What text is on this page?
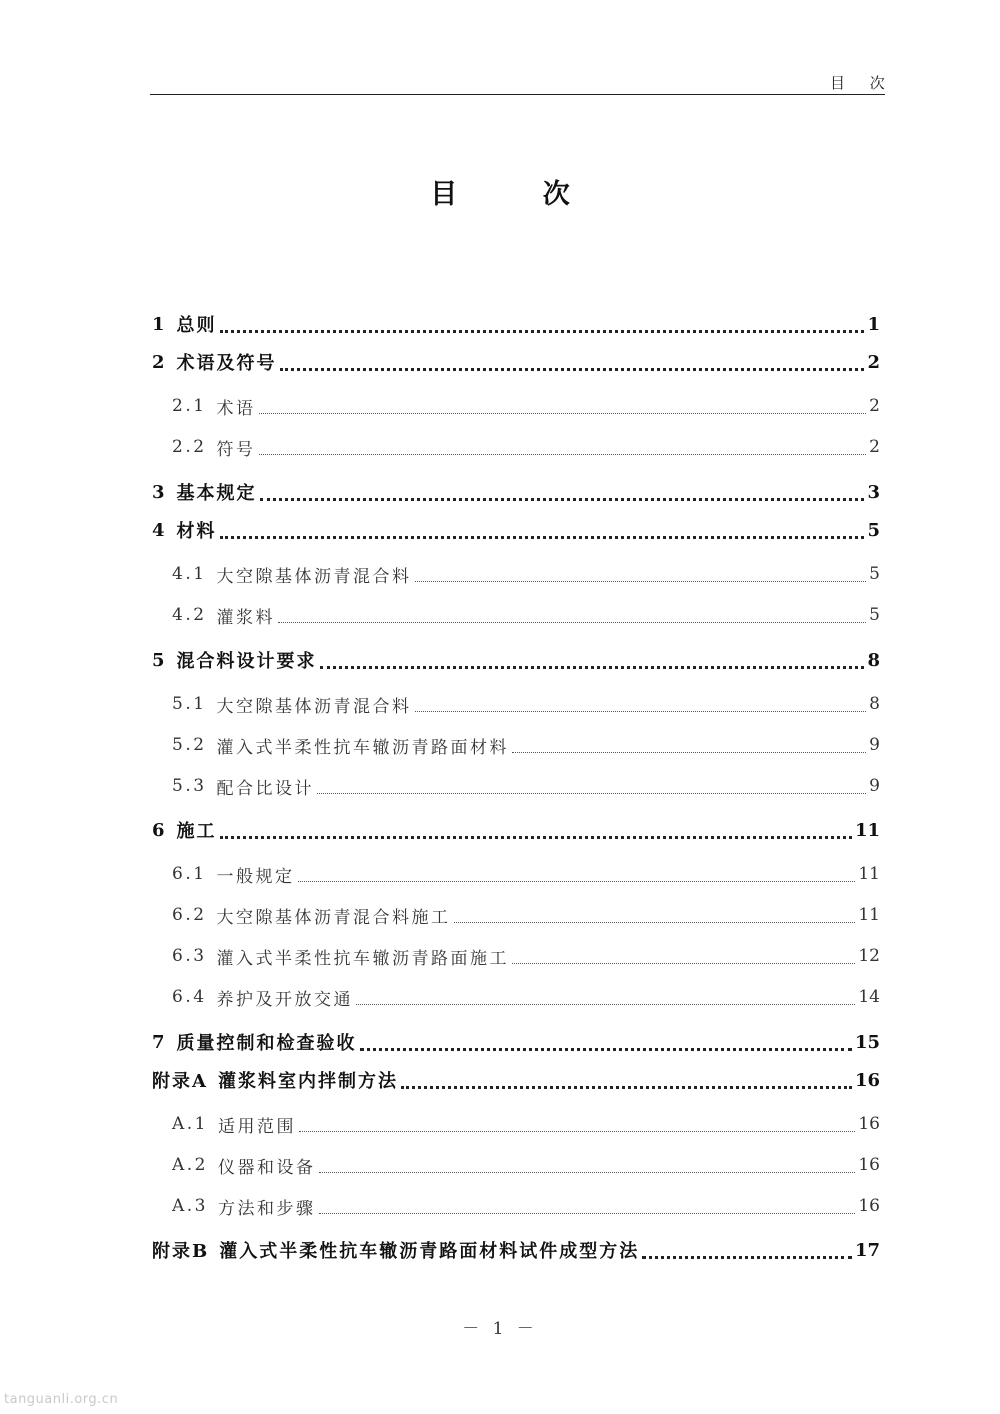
目 次
目 次
1 总则	1
2 术语及符号	2
2.1 术语	2
2.2 符号	2
3 基本规定	3
4 材料	5
4.1 大空隙基体沥青混合料	5
4.2 灌浆料	5
5 混合料设计要求	8
5.1 大空隙基体沥青混合料	8
5.2 灌入式半柔性抗车辙沥青路面材料	9
5.3 配合比设计	9
6 施工	11
6.1 一般规定	11
6.2 大空隙基体沥青混合料施工	11
6.3 灌入式半柔性抗车辙沥青路面施工	12
6.4 养护及开放交通	14
7 质量控制和检查验收	15
附录A 灌浆料室内拌制方法	16
A.1 适用范围	16
A.2 仪器和设备	16
A.3 方法和步骤	16
附录B 灌入式半柔性抗车辙沥青路面材料试件成型方法	17
－ 1 －
tanguanli.org.cn
